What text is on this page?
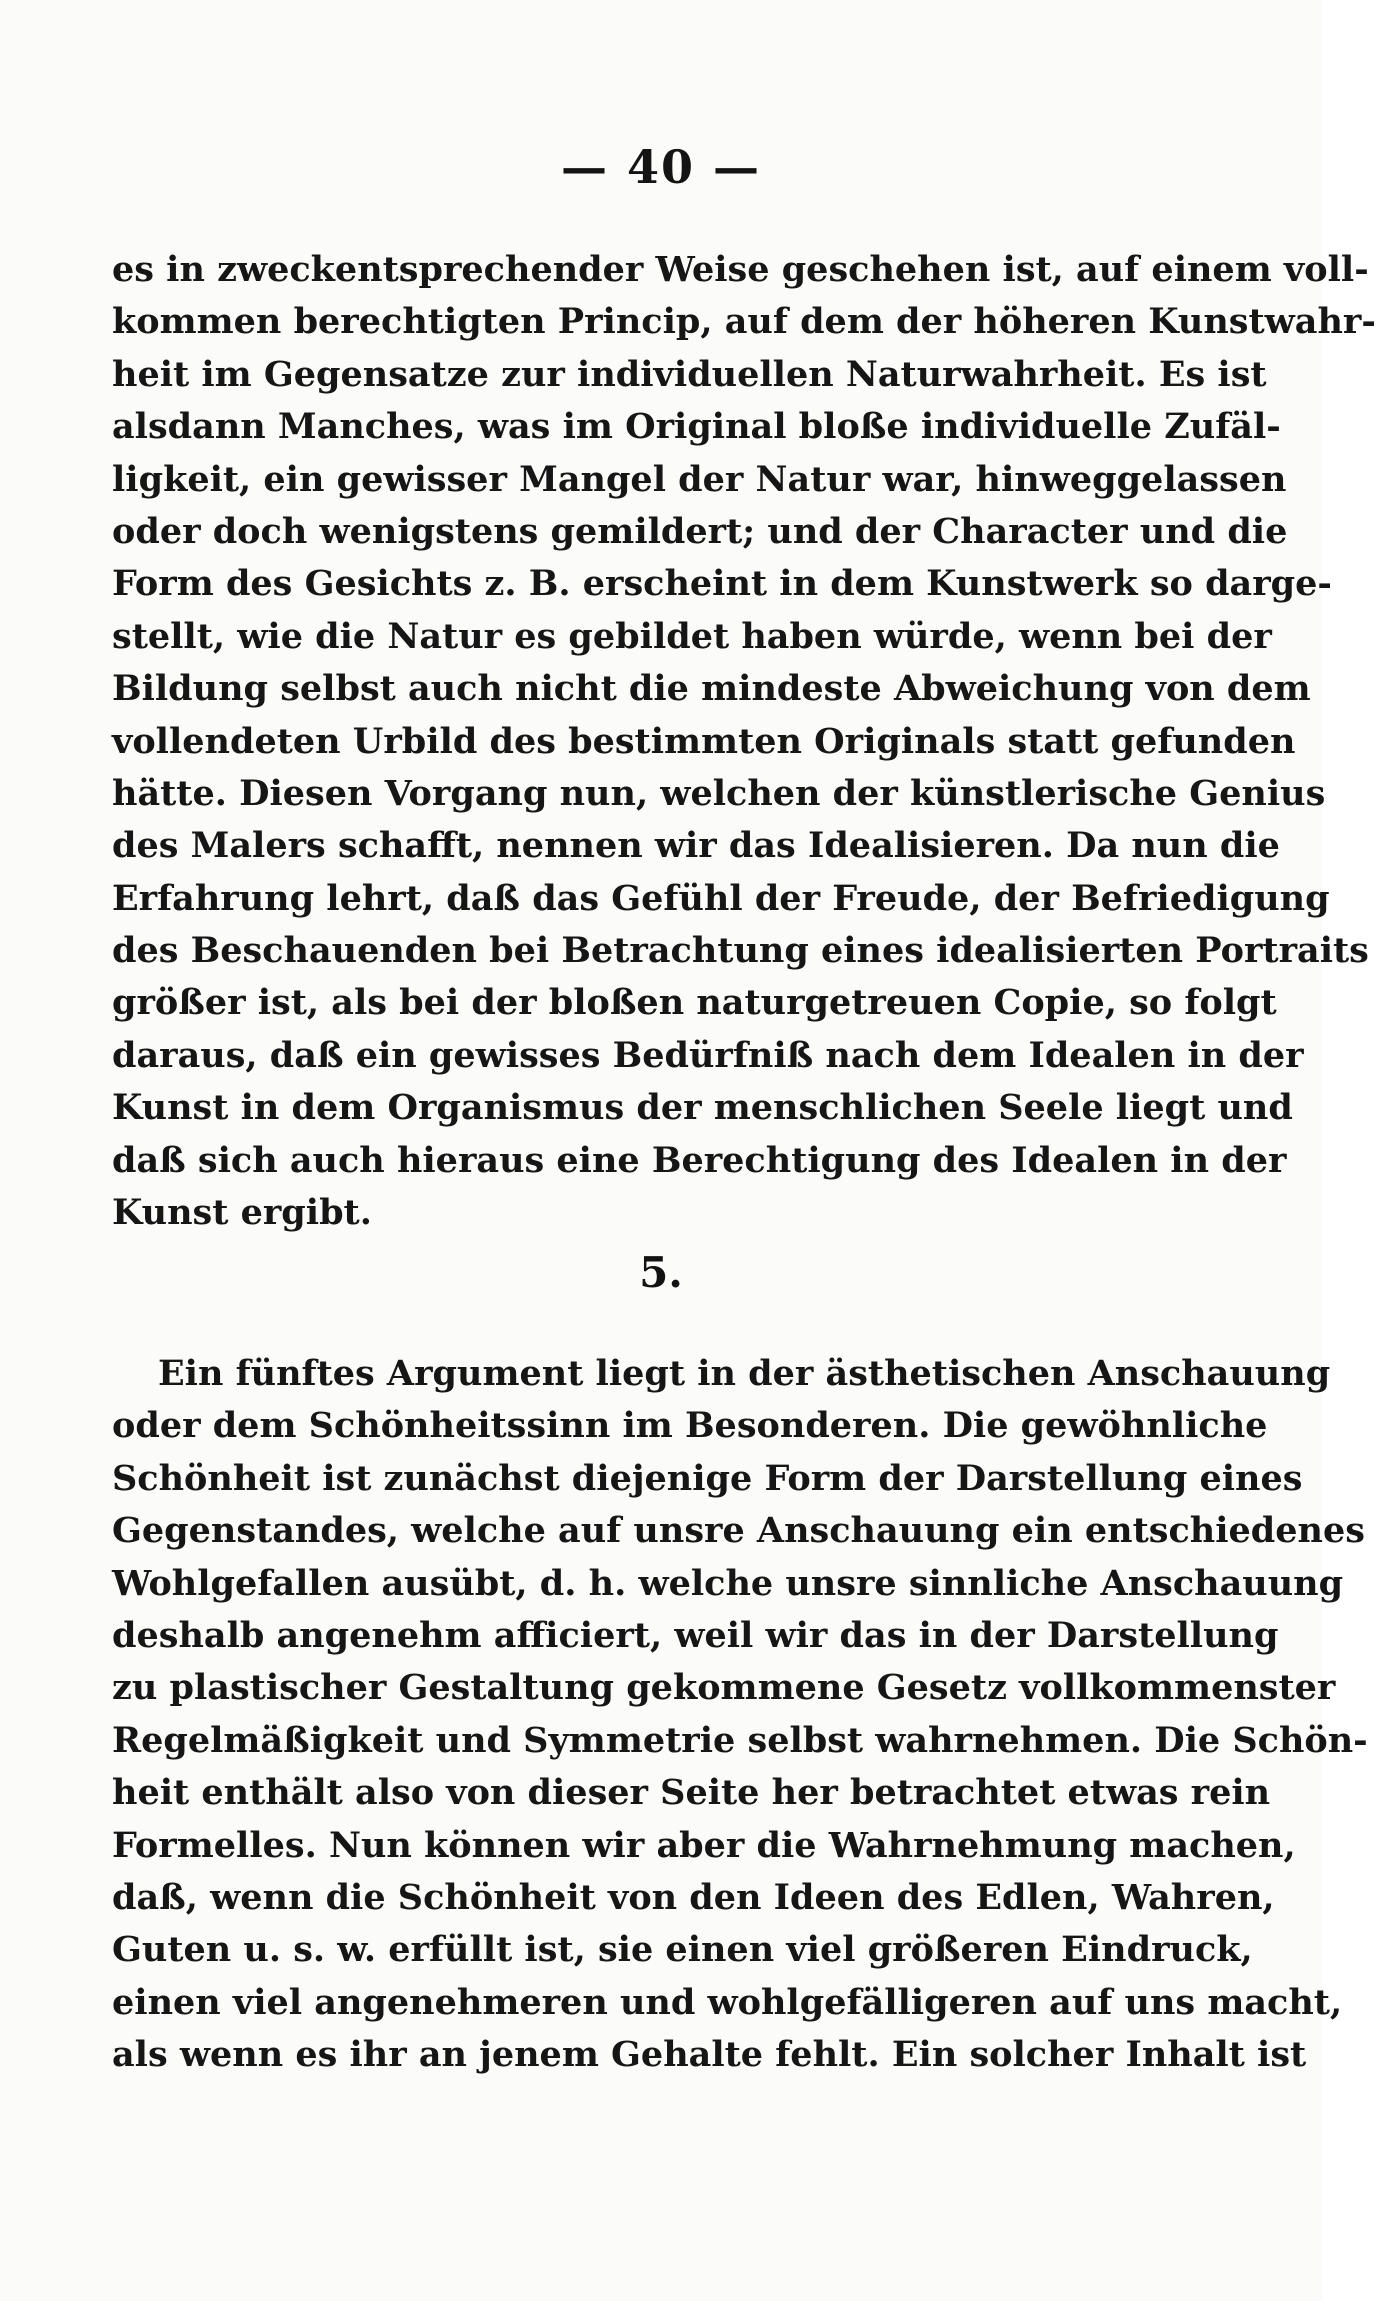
— 40 —
es in zweckentsprechender Weise geschehen ist, auf einem voll-
kommen berechtigten Princip, auf dem der höheren Kunstwahr-
heit im Gegensatze zur individuellen Naturwahrheit. Es ist
alsdann Manches, was im Original bloße individuelle Zufäl-
ligkeit, ein gewisser Mangel der Natur war, hinweggelassen
oder doch wenigstens gemildert; und der Character und die
Form des Gesichts z. B. erscheint in dem Kunstwerk so darge-
stellt, wie die Natur es gebildet haben würde, wenn bei der
Bildung selbst auch nicht die mindeste Abweichung von dem
vollendeten Urbild des bestimmten Originals statt gefunden
hätte. Diesen Vorgang nun, welchen der künstlerische Genius
des Malers schafft, nennen wir das Idealisieren. Da nun die
Erfahrung lehrt, daß das Gefühl der Freude, der Befriedigung
des Beschauenden bei Betrachtung eines idealisierten Portraits
größer ist, als bei der bloßen naturgetreuen Copie, so folgt
daraus, daß ein gewisses Bedürfniß nach dem Idealen in der
Kunst in dem Organismus der menschlichen Seele liegt und
daß sich auch hieraus eine Berechtigung des Idealen in der
Kunst ergibt.
5.
Ein fünftes Argument liegt in der ästhetischen Anschauung
oder dem Schönheitssinn im Besonderen. Die gewöhnliche
Schönheit ist zunächst diejenige Form der Darstellung eines
Gegenstandes, welche auf unsre Anschauung ein entschiedenes
Wohlgefallen ausübt, d. h. welche unsre sinnliche Anschauung
deshalb angenehm afficiert, weil wir das in der Darstellung
zu plastischer Gestaltung gekommene Gesetz vollkommenster
Regelmäßigkeit und Symmetrie selbst wahrnehmen. Die Schön-
heit enthält also von dieser Seite her betrachtet etwas rein
Formelles. Nun können wir aber die Wahrnehmung machen,
daß, wenn die Schönheit von den Ideen des Edlen, Wahren,
Guten u. s. w. erfüllt ist, sie einen viel größeren Eindruck,
einen viel angenehmeren und wohlgefälligeren auf uns macht,
als wenn es ihr an jenem Gehalte fehlt. Ein solcher Inhalt ist
